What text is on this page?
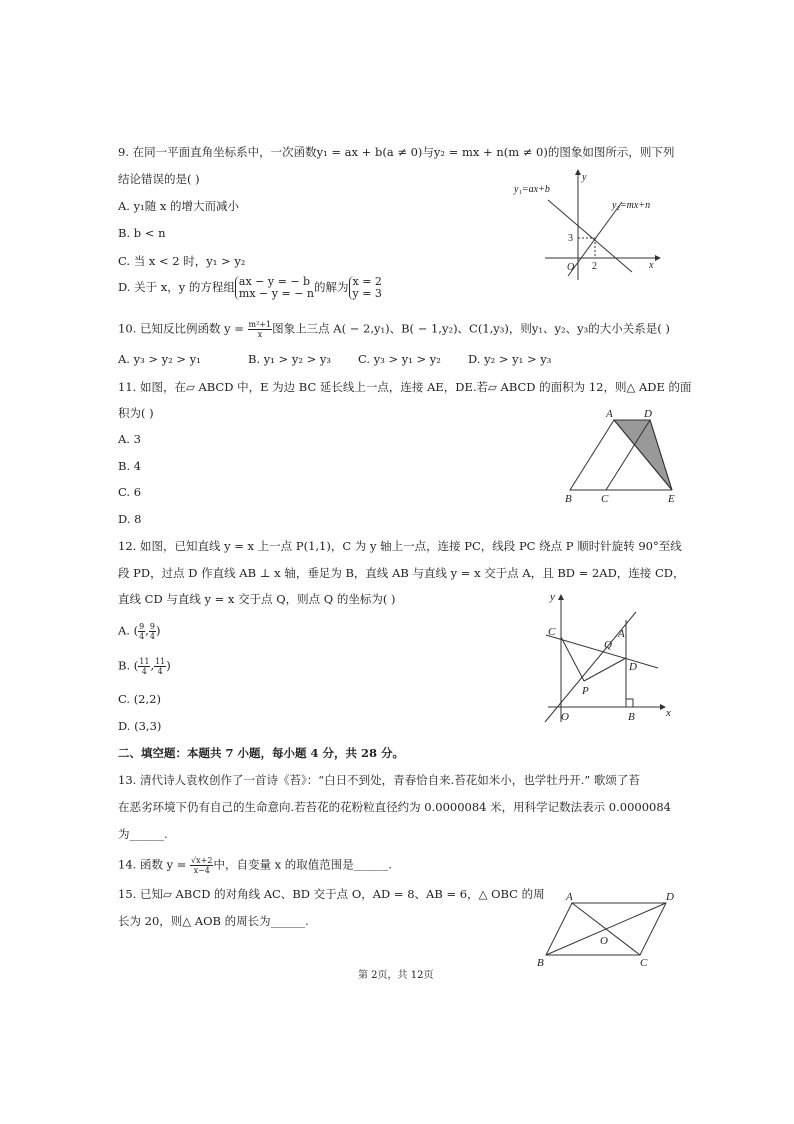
9. 在同一平面直角坐标系中，一次函数y₁ = ax + b(a ≠ 0)与y₂ = mx + n(m ≠ 0)的图象如图所示，则下列
结论错误的是( )
A. y₁随 x 的增大而减小
B. b < n
C. 当 x < 2 时，y₁ > y₂
D. 关于 x，y 的方程组 ax − y = − b
mx − y = − n 的解为 x = 2
y = 3
y₁=ax+b
y₂=mx+n
y
x
O
3
2
10. 已知反比例函数 $y = \frac{\text{m²+1}}{x}$ 图象上三点 A( − 2,y₁)、B( − 1,y₂)、C(1,y₃)，则y₁、y₂、y₃的大小关系是( )
A. y₃ > y₂ > y₁	B. y₁ > y₂ > y₃ C. y₃ > y₁ > y₂ D. y₂ > y₁ > y₃
11. 如图，在▱ ABCD 中，E 为边 BC 延长线上一点，连接 AE，DE.若▱ ABCD 的面积为 12，则△ ADE 的面
积为( )
A. 3
B. 4
C. 6
D. 8
A	D
B	C	E
12. 如图，已知直线 y = x 上一点 P(1,1)，C 为 y 轴上一点，连接 PC，线段 PC 绕点 P 顺时针旋转 90°至线
段 PD，过点 D 作直线 AB ⊥ x 轴，垂足为 B，直线 AB 与直线 y = x 交于点 A，且 BD = 2AD，连接 CD，
直线 CD 与直线 y = x 交于点 Q，则点 Q 的坐标为( )
A. ( $\frac{9}{4}$ , $\frac{9}{4}$ )
B. ( $\frac{11}{4}$ , $\frac{11}{4}$ )
C. (2,2)
D. (3,3)
y
x
O
C
Q
A
D
P
B
二、填空题：本题共 7 小题，每小题 4 分，共 28 分。
13. 清代诗人袁枚创作了一首诗《苔》：“白日不到处，青春恰自来.苔花如米小，也学牡丹开.” 歌颂了苔
在恶劣环境下仍有自己的生命意向.若苔花的花粉粒直径约为 0.0000084 米，用科学记数法表示 0.0000084
为______.
14. 函数 $y = \frac{√x+2}{x-4}$ 中，自变量 x 的取值范围是______.
15. 已知▱ ABCD 的对角线 AC、BD 交于点 O，AD = 8、AB = 6，△ OBC 的周
长为 20，则△ AOB 的周长为______.
A	D
O
B	C
第 2页，共 12页
